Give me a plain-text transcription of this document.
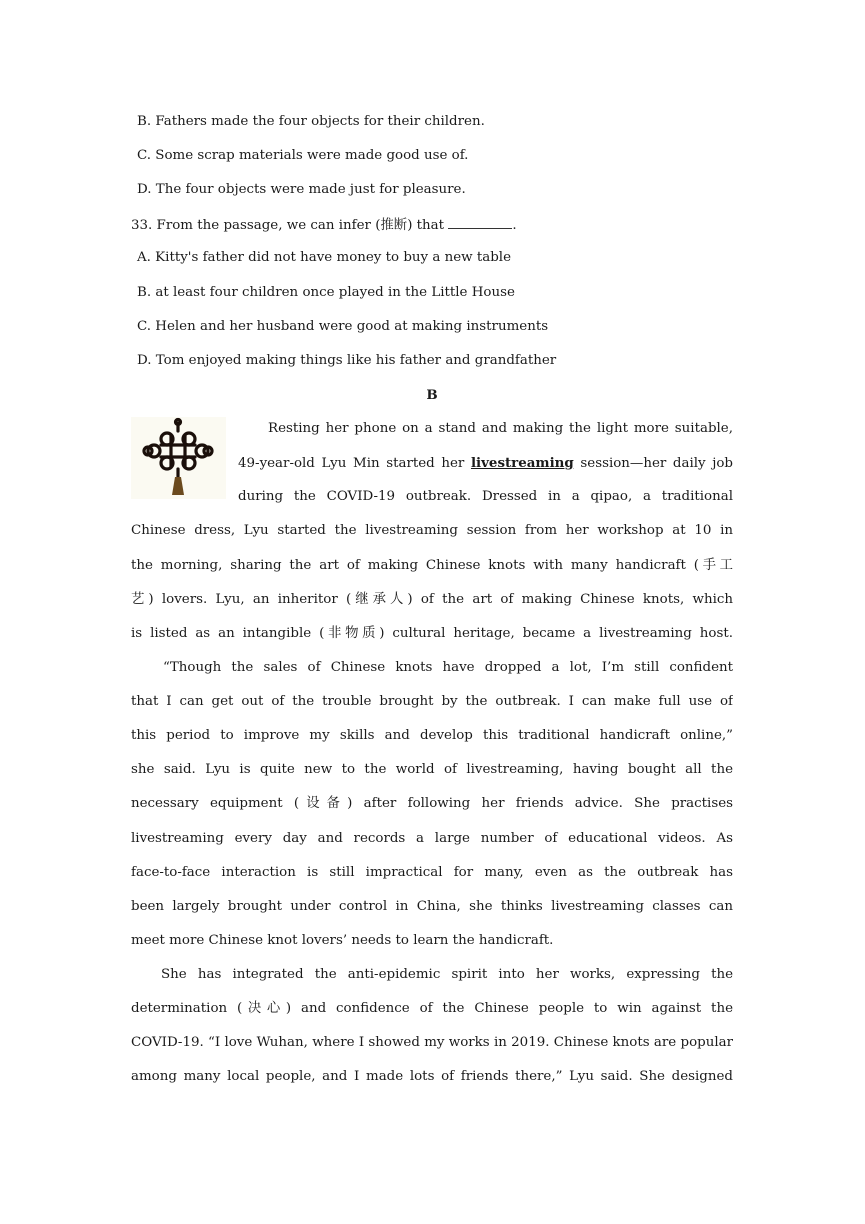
B. Fathers made the four objects for their children.
C. Some scrap materials were made good use of.
D. The four objects were made just for pleasure.
33. From the passage, we can infer (推断) that	.
A. Kitty's father did not have money to buy a new table
B. at least four children once played in the Little House
C. Helen and her husband were good at making instruments
D. Tom enjoyed making things like his father and grandfather
B
Resting her phone on a stand and making the light more suitable,
49-year-old Lyu Min started her livestreaming session—her daily job
during the COVID-19 outbreak. Dressed in a qipao, a traditional
Chinese dress, Lyu started the livestreaming session from her workshop at 10 in
the morning, sharing the art of making Chinese knots with many handicraft (手工
艺) lovers. Lyu, an inheritor (继承人) of the art of making Chinese knots, which
is listed as an intangible (非物质) cultural heritage, became a livestreaming host.
“Though the sales of Chinese knots have dropped a lot, I’m still confident
that I can get out of the trouble brought by the outbreak. I can make full use of
this period to improve my skills and develop this traditional handicraft online,”
she said. Lyu is quite new to the world of livestreaming, having bought all the
necessary equipment (设备) after following her friends advice. She practises
livestreaming every day and records a large number of educational videos. As
face-to-face interaction is still impractical for many, even as the outbreak has
been largely brought under control in China, she thinks livestreaming classes can
meet more Chinese knot lovers’ needs to learn the handicraft.
She has integrated the anti-epidemic spirit into her works, expressing the
determination (决心) and confidence of the Chinese people to win against the
COVID-19. “I love Wuhan, where I showed my works in 2019. Chinese knots are popular
among many local people, and I made lots of friends there,” Lyu said. She designed
